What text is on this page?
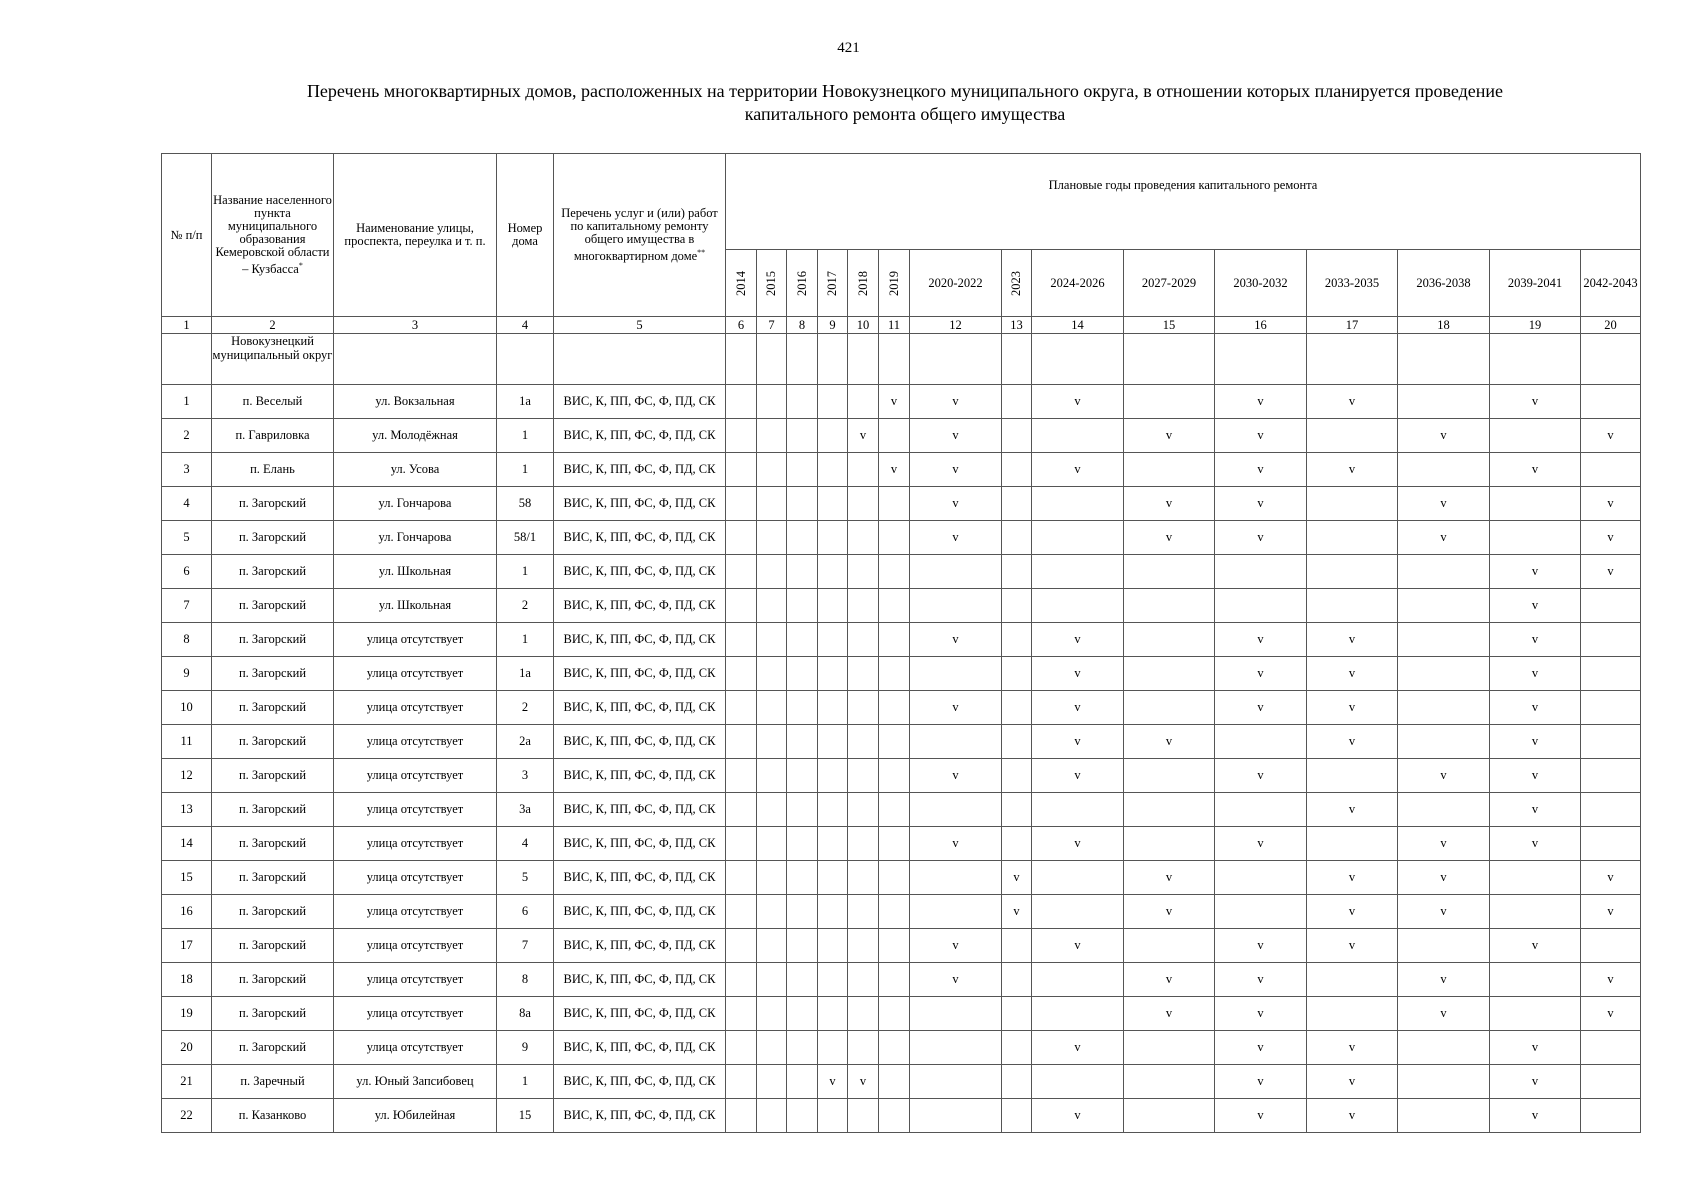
421
Перечень многоквартирных домов, расположенных на территории Новокузнецкого муниципального округа, в отношении которых планируется проведение капитального ремонта общего имущества
№ п/п	Название населенного пункта муниципального образования Кемеровской области – Кузбасса*	Наименование улицы, проспекта, переулка и т. п.	Номер дома	Перечень услуг и (или) работ по капитальному ремонту общего имущества в многоквартирном доме**	Плановые годы проведения капитального ремонта														
					2014	2015	2016	2017	2018	2019	2020-2022	2023	2024-2026	2027-2029	2030-2032	2033-2035	2036-2038	2039-2041	2042-2043
1	2	3	4	5	6	7	8	9	10	11	12	13	14	15	16	17	18	19	20
	Новокузнецкий муниципальный округ																		
1	п. Веселый	ул. Вокзальная	1а	ВИС, К, ПП, ФС, Ф, ПД, СК						v	v		v		v	v		v	
2	п. Гавриловка	ул. Молодёжная	1	ВИС, К, ПП, ФС, Ф, ПД, СК					v		v			v	v		v		v
3	п. Елань	ул. Усова	1	ВИС, К, ПП, ФС, Ф, ПД, СК						v	v		v		v	v		v	
4	п. Загорский	ул. Гончарова	58	ВИС, К, ПП, ФС, Ф, ПД, СК							v			v	v		v		v
5	п. Загорский	ул. Гончарова	58/1	ВИС, К, ПП, ФС, Ф, ПД, СК							v			v	v		v		v
6	п. Загорский	ул. Школьная	1	ВИС, К, ПП, ФС, Ф, ПД, СК														v	v
7	п. Загорский	ул. Школьная	2	ВИС, К, ПП, ФС, Ф, ПД, СК														v	
8	п. Загорский	улица отсутствует	1	ВИС, К, ПП, ФС, Ф, ПД, СК							v		v		v	v		v	
9	п. Загорский	улица отсутствует	1а	ВИС, К, ПП, ФС, Ф, ПД, СК									v		v	v		v	
10	п. Загорский	улица отсутствует	2	ВИС, К, ПП, ФС, Ф, ПД, СК							v		v		v	v		v	
11	п. Загорский	улица отсутствует	2а	ВИС, К, ПП, ФС, Ф, ПД, СК									v	v		v		v	
12	п. Загорский	улица отсутствует	3	ВИС, К, ПП, ФС, Ф, ПД, СК							v		v		v		v	v	
13	п. Загорский	улица отсутствует	3а	ВИС, К, ПП, ФС, Ф, ПД, СК												v		v	
14	п. Загорский	улица отсутствует	4	ВИС, К, ПП, ФС, Ф, ПД, СК							v		v		v		v	v	
15	п. Загорский	улица отсутствует	5	ВИС, К, ПП, ФС, Ф, ПД, СК								v		v		v	v		v
16	п. Загорский	улица отсутствует	6	ВИС, К, ПП, ФС, Ф, ПД, СК								v		v		v	v		v
17	п. Загорский	улица отсутствует	7	ВИС, К, ПП, ФС, Ф, ПД, СК							v		v		v	v		v	
18	п. Загорский	улица отсутствует	8	ВИС, К, ПП, ФС, Ф, ПД, СК							v			v	v		v		v
19	п. Загорский	улица отсутствует	8а	ВИС, К, ПП, ФС, Ф, ПД, СК										v	v		v		v
20	п. Загорский	улица отсутствует	9	ВИС, К, ПП, ФС, Ф, ПД, СК									v		v	v		v	
21	п. Заречный	ул. Юный Запсибовец	1	ВИС, К, ПП, ФС, Ф, ПД, СК				v	v						v	v		v	
22	п. Казанково	ул. Юбилейная	15	ВИС, К, ПП, ФС, Ф, ПД, СК									v		v	v		v	
